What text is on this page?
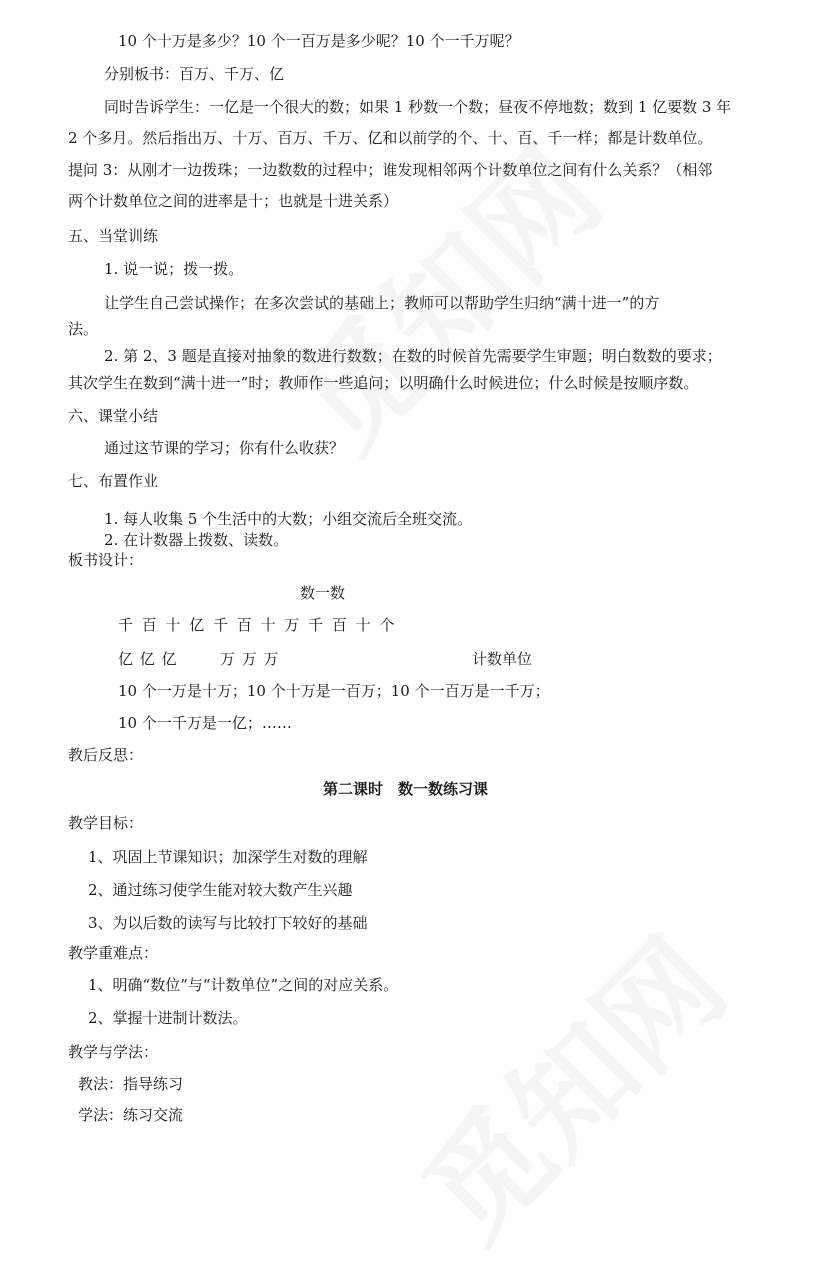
10 个十万是多少？10 个一百万是多少呢？10 个一千万呢？
分别板书：百万、千万、亿
同时告诉学生：一亿是一个很大的数；如果 1 秒数一个数；昼夜不停地数；数到 1 亿要数 3 年
2 个多月。然后指出万、十万、百万、千万、亿和以前学的个、十、百、千一样；都是计数单位。
提问 3：从刚才一边拨珠；一边数数的过程中；谁发现相邻两个计数单位之间有什么关系？（相邻
两个计数单位之间的进率是十；也就是十进关系）
五、当堂训练
1. 说一说；拨一拨。
让学生自己尝试操作；在多次尝试的基础上；教师可以帮助学生归纳“满十进一”的方
法。
2. 第 2、3 题是直接对抽象的数进行数数；在数的时候首先需要学生审题；明白数数的要求；
其次学生在数到“满十进一”时；教师作一些追问；以明确什么时候进位；什么时候是按顺序数。
六、课堂小结
通过这节课的学习；你有什么收获？
七、布置作业
1. 每人收集 5 个生活中的大数；小组交流后全班交流。
2. 在计数器上拨数、读数。
板书设计：
数一数
千 百 十 亿 千 百 十 万 千 百 十 个
亿 亿 亿	万 万 万	计数单位
10 个一万是十万；10 个十万是一百万；10 个一百万是一千万；
10 个一千万是一亿；……
教后反思：
第二课时　数一数练习课
教学目标：
1、巩固上节课知识；加深学生对数的理解
2、通过练习使学生能对较大数产生兴趣
3、为以后数的读写与比较打下较好的基础
教学重难点：
1、明确“数位”与“计数单位”之间的对应关系。
2、掌握十进制计数法。
教学与学法：
教法：指导练习
学法：练习交流
